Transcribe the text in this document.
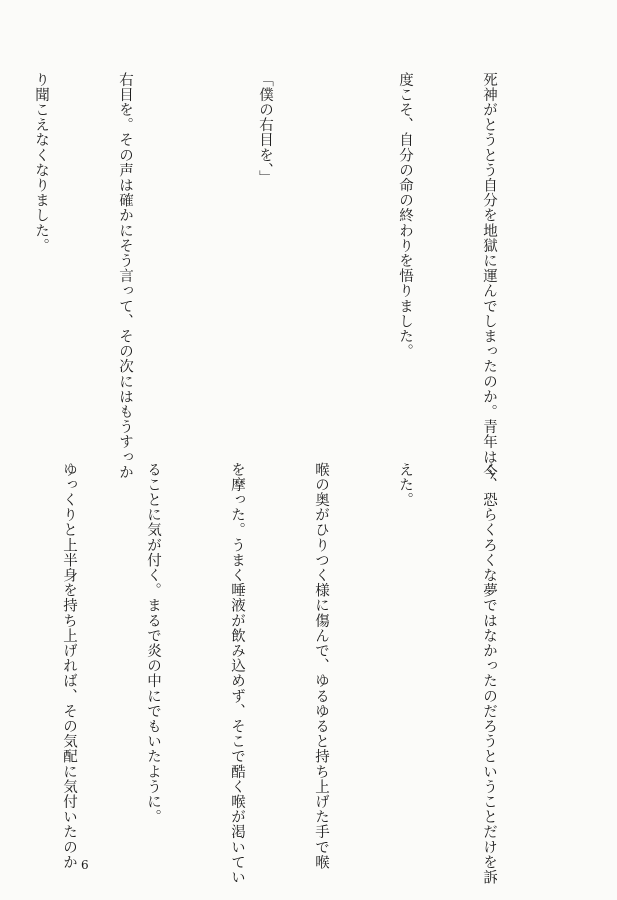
死神がとうとう自分を地獄に運んでしまったのか。青年は今

度こそ、自分の命の終わりを悟りました。

「僕の右目を、」

右目を。その声は確かにそう言って、その次にはもうすっか

り聞こえなくなりました。

く、恐らくろくな夢ではなかったのだろうということだけを訴

えた。

喉の奥がひりつく様に傷んで、ゆるゆると持ち上げた手で喉

を摩った。うまく唾液が飲み込めず、そこで酷く喉が渇いてい

ることに気が付く。まるで炎の中にでもいたように。

ゆっくりと上半身を持ち上げれば、その気配に気付いたのか

6
